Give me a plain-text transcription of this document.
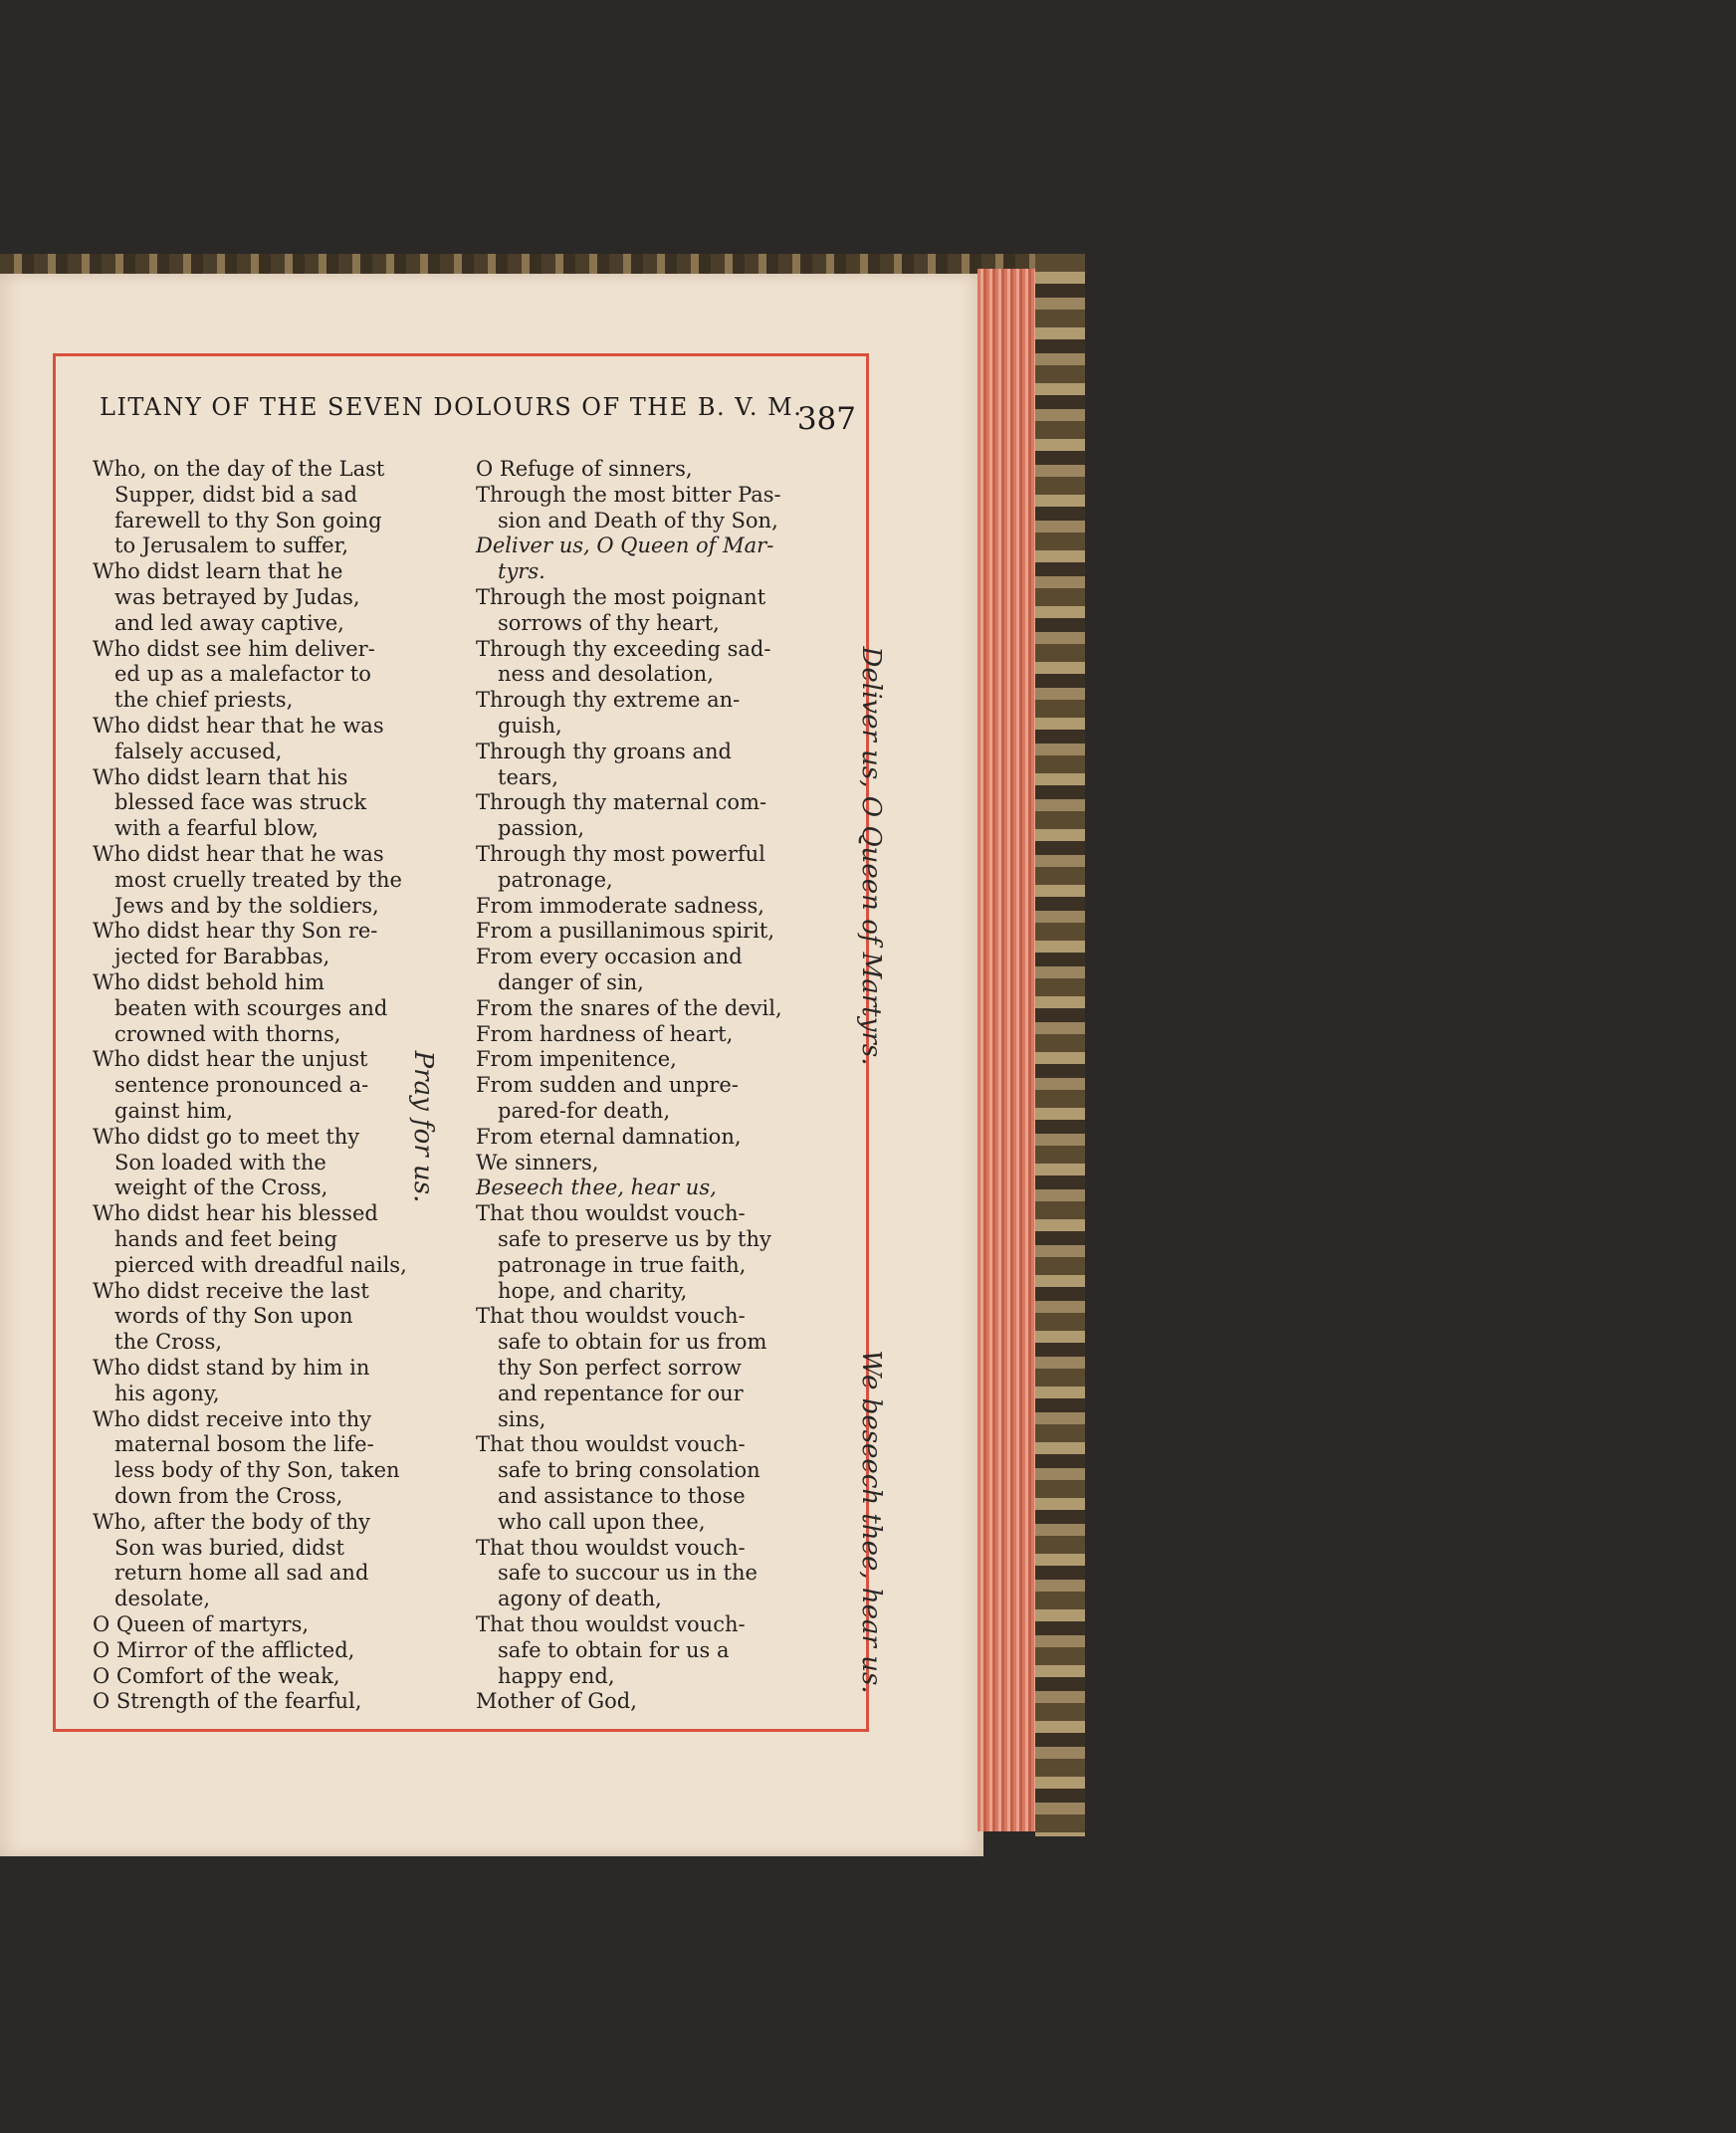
LITANY OF THE SEVEN DOLOURS OF THE B. V. M.
387
Who, on the day of the Last
Supper, didst bid a sad
farewell to thy Son going
to Jerusalem to suffer,
Who didst learn that he
was betrayed by Judas,
and led away captive,
Who didst see him deliver-
ed up as a malefactor to
the chief priests,
Who didst hear that he was
falsely accused,
Who didst learn that his
blessed face was struck
with a fearful blow,
Who didst hear that he was
most cruelly treated by the
Jews and by the soldiers,
Who didst hear thy Son re-
jected for Barabbas,
Who didst behold him
beaten with scourges and
crowned with thorns,
Who didst hear the unjust
sentence pronounced a-
gainst him,
Who didst go to meet thy
Son loaded with the
weight of the Cross,
Who didst hear his blessed
hands and feet being
pierced with dreadful nails,
Who didst receive the last
words of thy Son upon
the Cross,
Who didst stand by him in
his agony,
Who didst receive into thy
maternal bosom the life-
less body of thy Son, taken
down from the Cross,
Who, after the body of thy
Son was buried, didst
return home all sad and
desolate,
O Queen of martyrs,
O Mirror of the afflicted,
O Comfort of the weak,
O Strength of the fearful,
O Refuge of sinners,
Through the most bitter Pas-
sion and Death of thy Son,
Deliver us, O Queen of Mar-
tyrs.
Through the most poignant
sorrows of thy heart,
Through thy exceeding sad-
ness and desolation,
Through thy extreme an-
guish,
Through thy groans and
tears,
Through thy maternal com-
passion,
Through thy most powerful
patronage,
From immoderate sadness,
From a pusillanimous spirit,
From every occasion and
danger of sin,
From the snares of the devil,
From hardness of heart,
From impenitence,
From sudden and unpre-
pared-for death,
From eternal damnation,
We sinners,
Beseech thee, hear us,
That thou wouldst vouch-
safe to preserve us by thy
patronage in true faith,
hope, and charity,
That thou wouldst vouch-
safe to obtain for us from
thy Son perfect sorrow
and repentance for our
sins,
That thou wouldst vouch-
safe to bring consolation
and assistance to those
who call upon thee,
That thou wouldst vouch-
safe to succour us in the
agony of death,
That thou wouldst vouch-
safe to obtain for us a
happy end,
Mother of God,
Pray for us.
Deliver us, O Queen of Martyrs.
We beseech thee, hear us.
